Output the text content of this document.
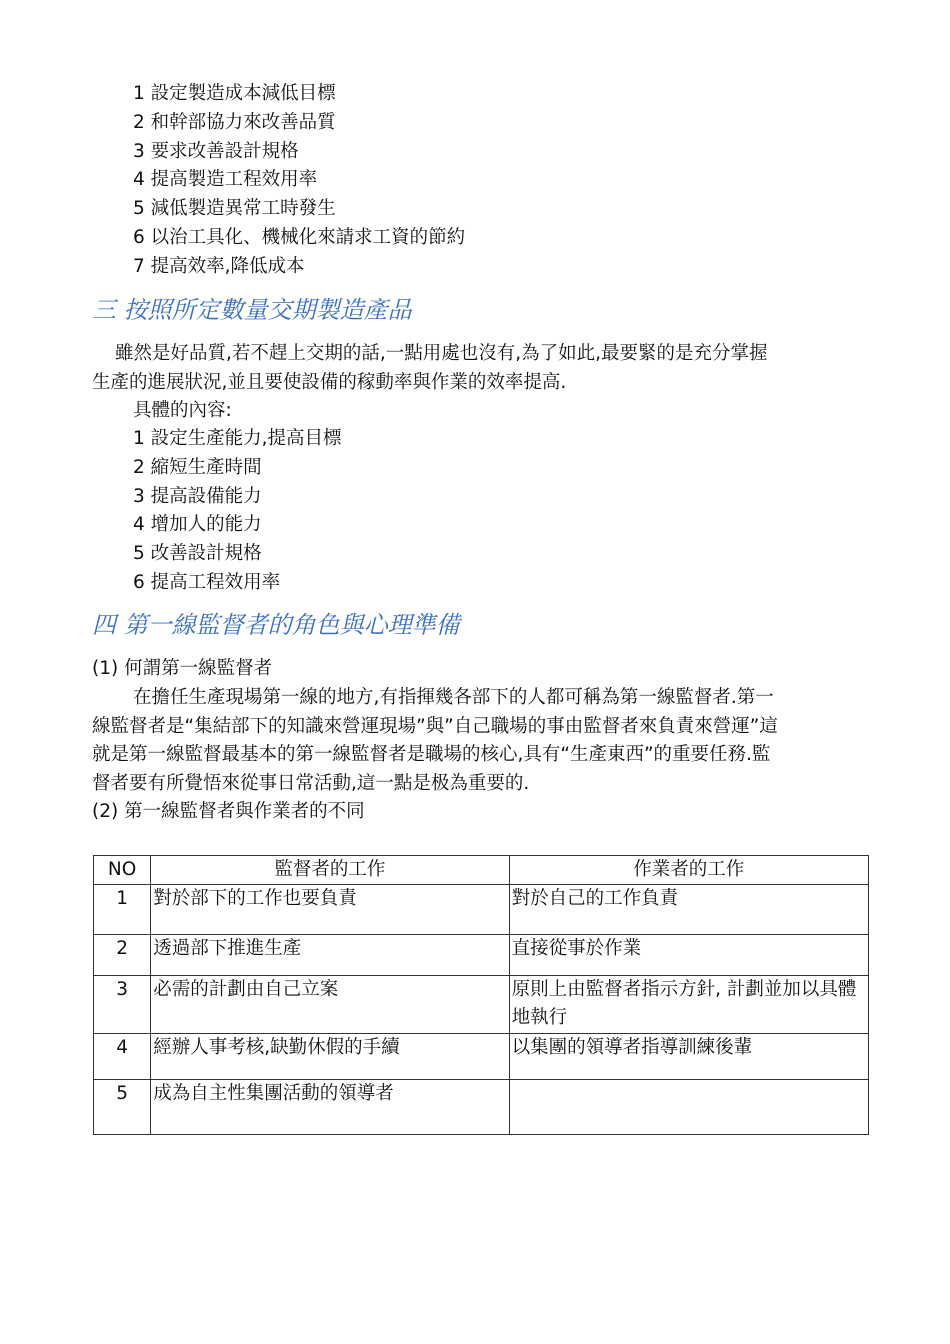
1 設定製造成本減低目標
2 和幹部協力來改善品質
3 要求改善設計規格
4 提高製造工程效用率
5 減低製造異常工時發生
6 以治工具化、機械化來請求工資的節約
7 提高效率,降低成本
三 按照所定數量交期製造產品
雖然是好品質,若不趕上交期的話,一點用處也沒有,為了如此,最要緊的是充分掌握
生產的進展狀況,並且要使設備的稼動率與作業的效率提高.
具體的內容:
1 設定生產能力,提高目標
2 縮短生產時間
3 提高設備能力
4 增加人的能力
5 改善設計規格
6 提高工程效用率
四 第一線監督者的角色與心理準備
(1) 何謂第一線監督者
在擔任生產現場第一線的地方,有指揮幾各部下的人都可稱為第一線監督者.第一
線監督者是“集結部下的知識來營運現場”與”自己職場的事由監督者來負責來營運”這
就是第一線監督最基本的第一線監督者是職場的核心,具有“生產東西”的重要任務.監
督者要有所覺悟來從事日常活動,這一點是极為重要的.
(2) 第一線監督者與作業者的不同
NO	監督者的工作	作業者的工作
1	對於部下的工作也要負責	對於自己的工作負責
2	透過部下推進生產	直接從事於作業
3	必需的計劃由自己立案	原則上由監督者指示方針, 計劃並加以具體地執行
4	經辦人事考核,缺勤休假的手續	以集團的領導者指導訓練後輩
5	成為自主性集團活動的領導者	
